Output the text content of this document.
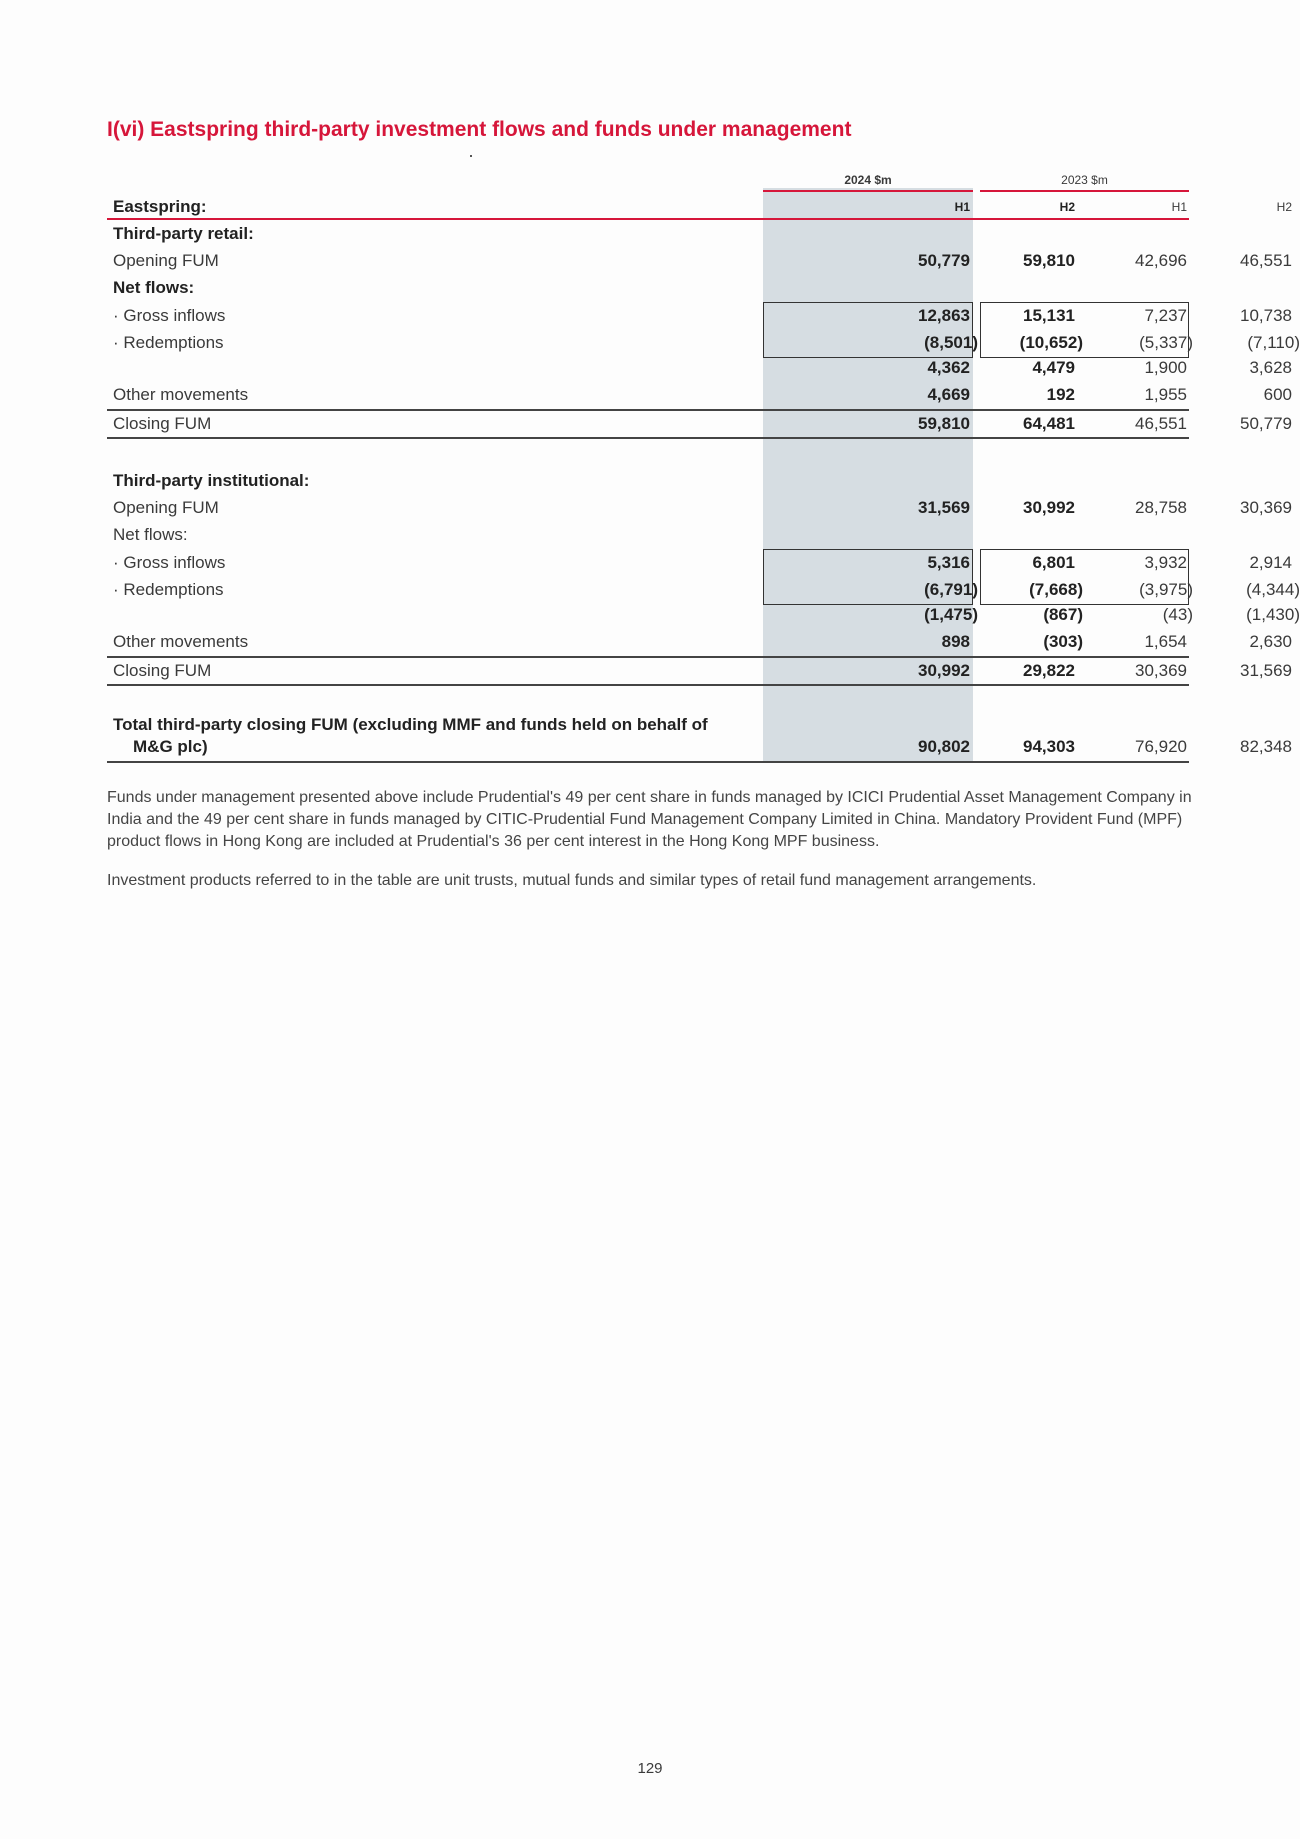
I(vi) Eastspring third-party investment flows and funds under management
2024 $m	2023 $m
Eastspring:	H1	H2	H1	H2
Third-party retail:
Opening FUM	50,779	59,810	42,696	46,551
Net flows:
· Gross inflows	12,863	15,131	7,237	10,738
· Redemptions	(8,501)	(10,652)	(5,337)	(7,110)
4,362	4,479	1,900	3,628
Other movements	4,669	192	1,955	600
Closing FUM	59,810	64,481	46,551	50,779
Third-party institutional:
Opening FUM	31,569	30,992	28,758	30,369
Net flows:
· Gross inflows	5,316	6,801	3,932	2,914
· Redemptions	(6,791)	(7,668)	(3,975)	(4,344)
(1,475)	(867)	(43)	(1,430)
Other movements	898	(303)	1,654	2,630
Closing FUM	30,992	29,822	30,369	31,569
Total third-party closing FUM (excluding MMF and funds held on behalf of
M&G plc)	90,802	94,303	76,920	82,348

Funds under management presented above include Prudential's 49 per cent share in funds managed by ICICI Prudential Asset Management Company in India and the 49 per cent share in funds managed by CITIC-Prudential Fund Management Company Limited in China. Mandatory Provident Fund (MPF) product flows in Hong Kong are included at Prudential's 36 per cent interest in the Hong Kong MPF business.

Investment products referred to in the table are unit trusts, mutual funds and similar types of retail fund management arrangements.

129
